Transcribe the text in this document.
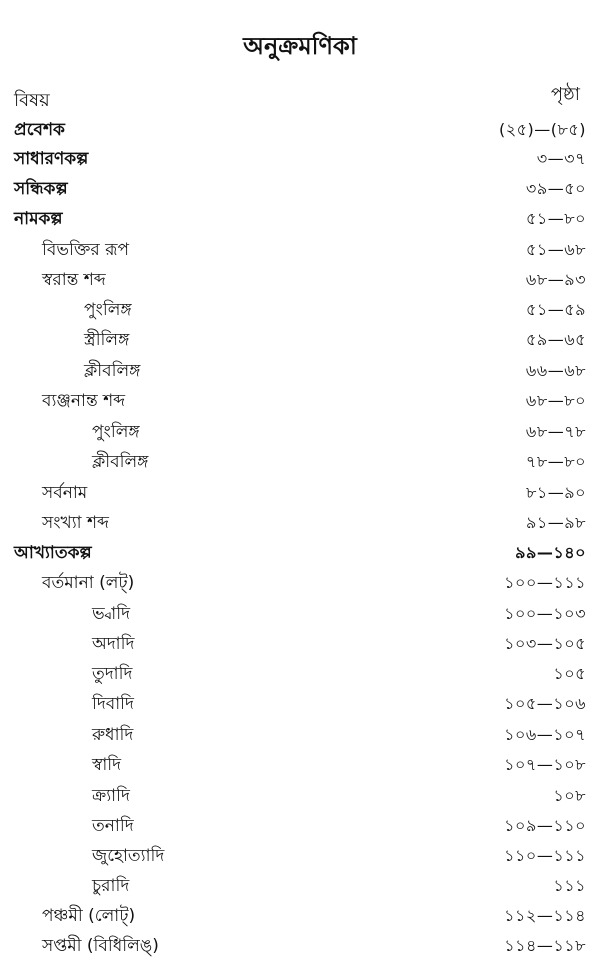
অনুক্রমণিকা
বিষয়	পৃষ্ঠা
প্রবেশক	(২৫)—(৮৫)
সাধারণকল্প	৩—৩৭
সন্ধিকল্প	৩৯—৫০
নামকল্প	৫১—৮০
বিভক্তির রূপ	৫১—৬৮
স্বরান্ত শব্দ	৬৮—৯৩
পুংলিঙ্গ	৫১—৫৯
স্ত্রীলিঙ্গ	৫৯—৬৫
ক্লীবলিঙ্গ	৬৬—৬৮
ব্যঞ্জনান্ত শব্দ	৬৮—৮০
পুংলিঙ্গ	৬৮—৭৮
ক্লীবলিঙ্গ	৭৮—৮০
সর্বনাম	৮১—৯০
সংখ্যা শব্দ	৯১—৯৮
আখ্যাতকল্প	৯৯—১৪০
বর্তমানা (লট্)	১০০—১১১
ভ্বাদি	১০০—১০৩
অদাদি	১০৩—১০৫
তুদাদি	১০৫
দিবাদি	১০৫—১০৬
রুধাদি	১০৬—১০৭
স্বাদি	১০৭—১০৮
ক্র্যাদি	১০৮
তনাদি	১০৯—১১০
জুহোত্যাদি	১১০—১১১
চুরাদি	১১১
পঞ্চমী (লোট্)	১১২—১১৪
সপ্তমী (বিধিলিঙ্)	১১৪—১১৮
